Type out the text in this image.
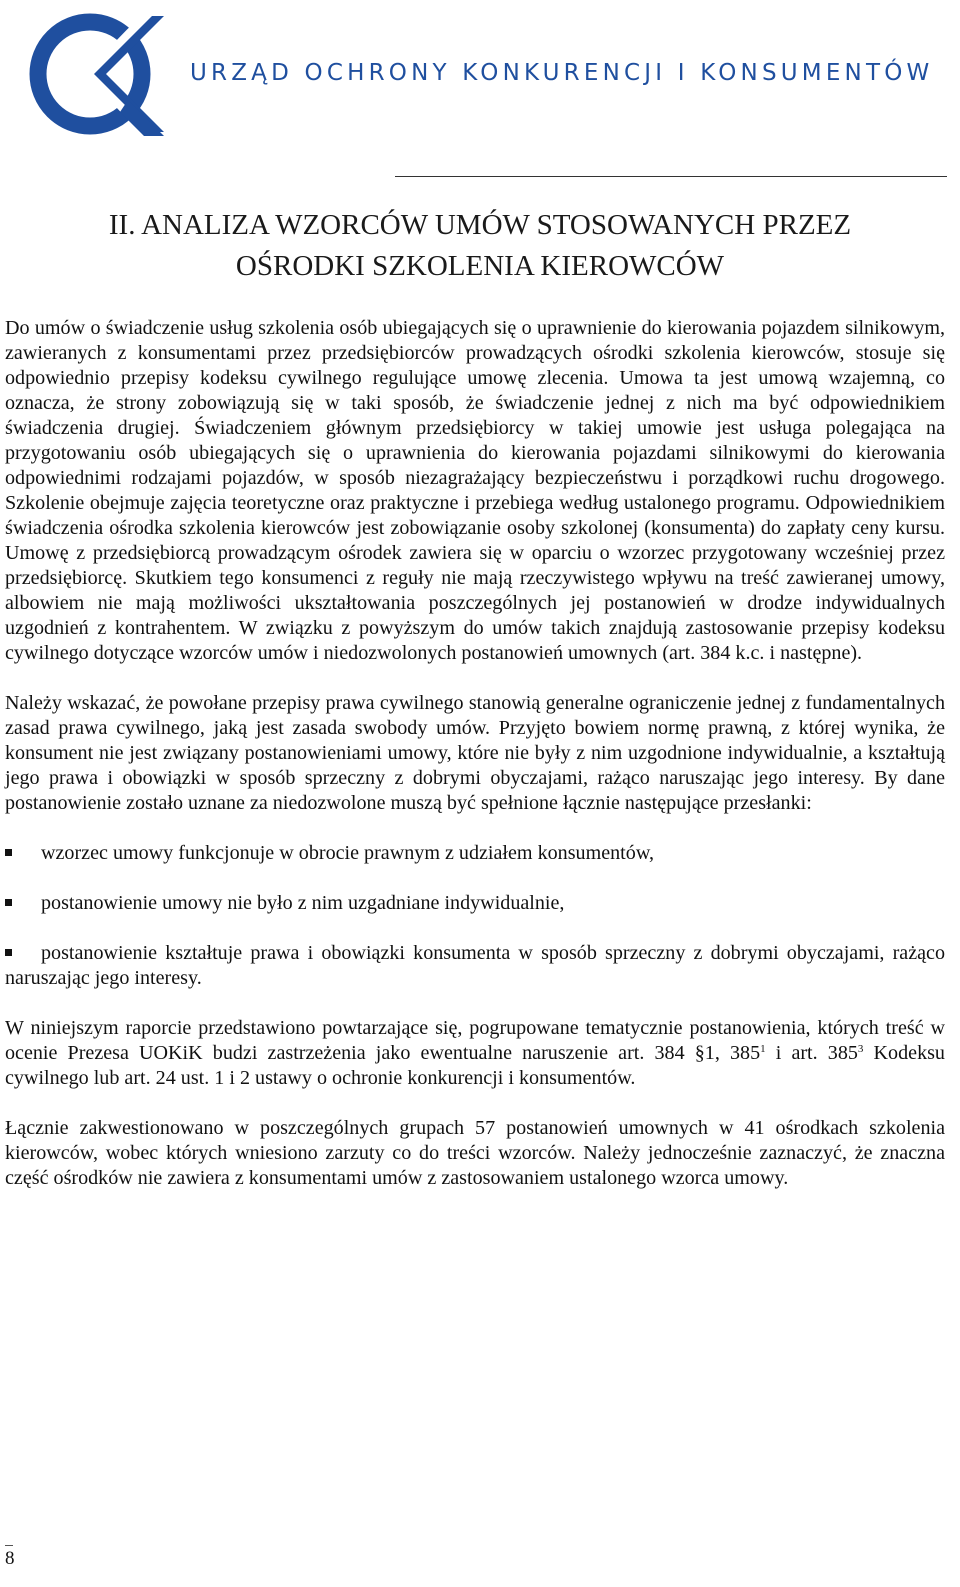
URZĄD OCHRONY KONKURENCJI I KONSUMENTÓW
II. ANALIZA WZORCÓW UMÓW STOSOWANYCH PRZEZ
OŚRODKI SZKOLENIA KIEROWCÓW

Do umów o świadczenie usług szkolenia osób ubiegających się o uprawnienie do kierowania pojazdem silnikowym, zawieranych z konsumentami przez przedsiębiorców prowadzących ośrodki szkolenia kierowców, stosuje się odpowiednio przepisy kodeksu cywilnego regulujące umowę zlecenia. Umowa ta jest umową wzajemną, co oznacza, że strony zobowiązują się w taki sposób, że świadczenie jednej z nich ma być odpowiednikiem świadczenia drugiej. Świadczeniem głównym przedsiębiorcy w takiej umowie jest usługa polegająca na przygotowaniu osób ubiegających się o uprawnienia do kierowania pojazdami silnikowymi do kierowania odpowiednimi rodzajami pojazdów, w sposób niezagrażający bezpieczeństwu i porządkowi ruchu drogowego. Szkolenie obejmuje zajęcia teoretyczne oraz praktyczne i przebiega według ustalonego programu. Odpowiednikiem świadczenia ośrodka szkolenia kierowców jest zobowiązanie osoby szkolonej (konsumenta) do zapłaty ceny kursu. Umowę z przedsiębiorcą prowadzącym ośrodek zawiera się w oparciu o wzorzec przygotowany wcześniej przez przedsiębiorcę. Skutkiem tego konsumenci z reguły nie mają rzeczywistego wpływu na treść zawieranej umowy, albowiem nie mają możliwości ukształtowania poszczególnych jej postanowień w drodze indywidualnych uzgodnień z kontrahentem. W związku z powyższym do umów takich znajdują zastosowanie przepisy kodeksu cywilnego dotyczące wzorców umów i niedozwolonych postanowień umownych (art. 384 k.c. i następne).

Należy wskazać, że powołane przepisy prawa cywilnego stanowią generalne ograniczenie jednej z fundamentalnych zasad prawa cywilnego, jaką jest zasada swobody umów. Przyjęto bowiem normę prawną, z której wynika, że konsument nie jest związany postanowieniami umowy, które nie były z nim uzgodnione indywidualnie, a kształtują jego prawa i obowiązki w sposób sprzeczny z dobrymi obyczajami, rażąco naruszając jego interesy. By dane postanowienie zostało uznane za niedozwolone muszą być spełnione łącznie następujące przesłanki:

wzorzec umowy funkcjonuje w obrocie prawnym z udziałem konsumentów,
postanowienie umowy nie było z nim uzgadniane indywidualnie,
postanowienie kształtuje prawa i obowiązki konsumenta w sposób sprzeczny z dobrymi obyczajami, rażąco naruszając jego interesy.

W niniejszym raporcie przedstawiono powtarzające się, pogrupowane tematycznie postanowienia, których treść w ocenie Prezesa UOKiK budzi zastrzeżenia jako ewentualne naruszenie art. 384 §1, $385^1$ i art. $385^3$ Kodeksu cywilnego lub art. 24 ust. 1 i 2 ustawy o ochronie konkurencji i konsumentów.

Łącznie zakwestionowano w poszczególnych grupach 57 postanowień umownych w 41 ośrodkach szkolenia kierowców, wobec których wniesiono zarzuty co do treści wzorców. Należy jednocześnie zaznaczyć, że znaczna część ośrodków nie zawiera z konsumentami umów z zastosowaniem ustalonego wzorca umowy.

8
